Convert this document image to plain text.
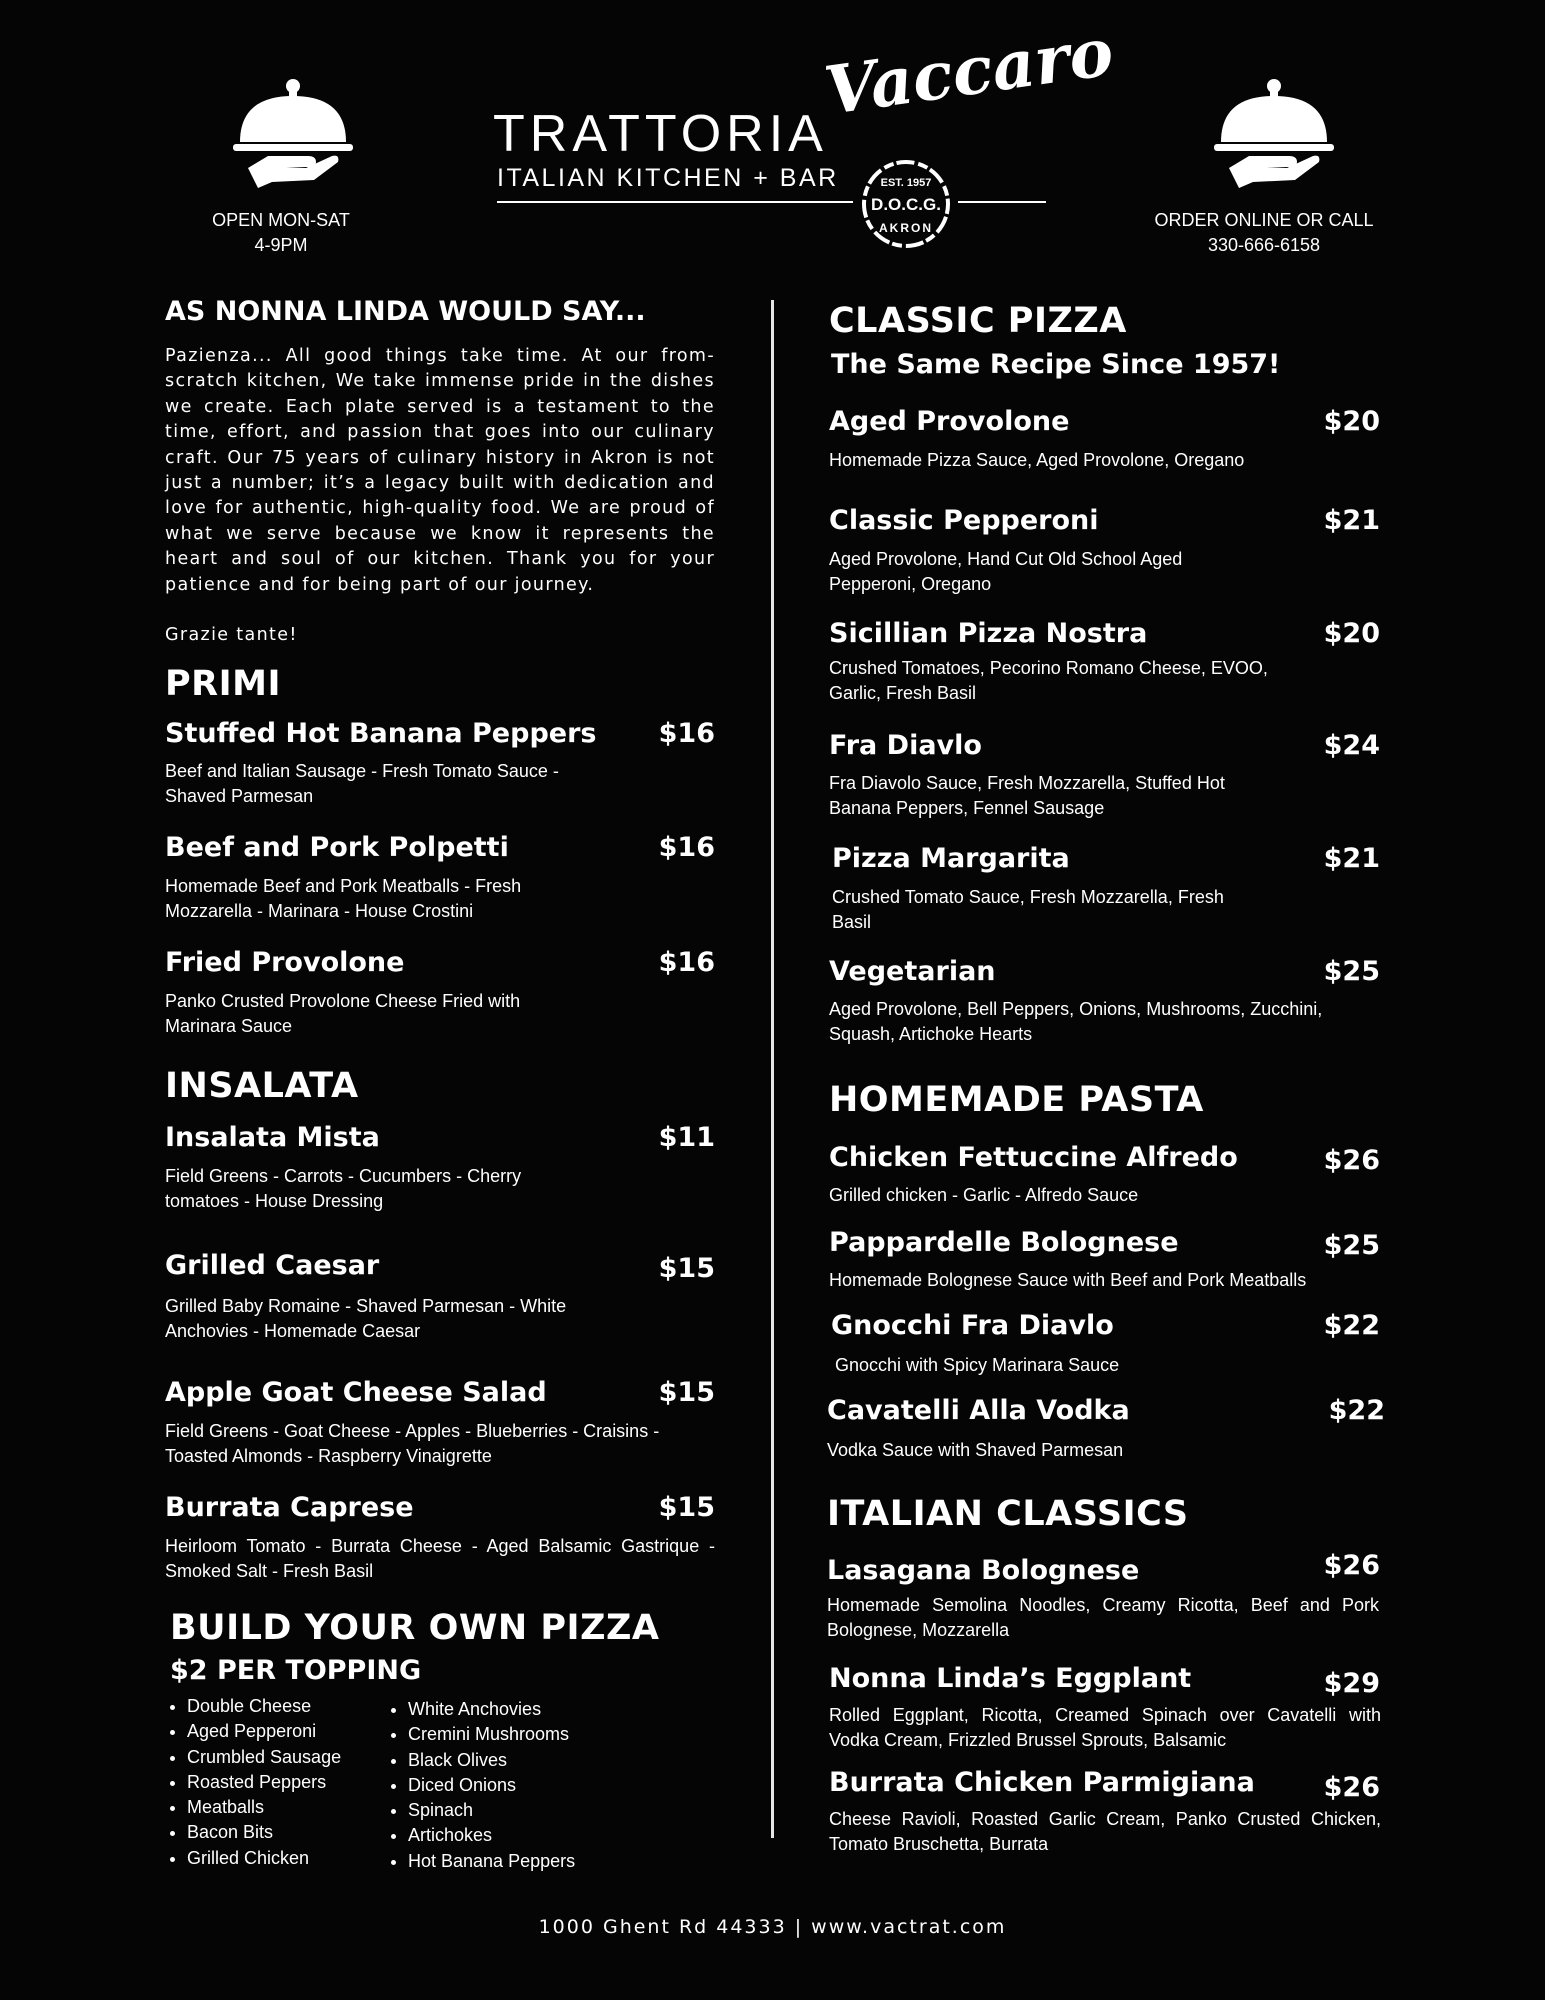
OPEN MON-SAT
4-9PM
ORDER ONLINE OR CALL
330-666-6158
TRATTORIA
Vaccaro
ITALIAN KITCHEN + BAR	EST. 1957
D.O.C.G.
AKRON
AS NONNA LINDA WOULD SAY...
Pazienza... All good things take time. At our from-scratch kitchen, We take immense pride in the dishes we create. Each plate served is a testament to the time, effort, and passion that goes into our culinary craft. Our 75 years of culinary history in Akron is not just a number; it’s a legacy built with dedication and love for authentic, high-quality food. We are proud of what we serve because we know it represents the heart and soul of our kitchen. Thank you for your patience and for being part of our journey.
Grazie tante!
PRIMI
Stuffed Hot Banana Peppers	$16
Beef and Italian Sausage - Fresh Tomato Sauce - Shaved Parmesan
Beef and Pork Polpetti	$16
Homemade Beef and Pork Meatballs - Fresh Mozzarella - Marinara - House Crostini
Fried Provolone	$16
Panko Crusted Provolone Cheese Fried with Marinara Sauce
INSALATA
Insalata Mista	$11
Field Greens - Carrots - Cucumbers - Cherry tomatoes - House Dressing
Grilled Caesar	$15
Grilled Baby Romaine - Shaved Parmesan - White Anchovies - Homemade Caesar
Apple Goat Cheese Salad	$15
Field Greens - Goat Cheese - Apples - Blueberries - Craisins - Toasted Almonds - Raspberry Vinaigrette
Burrata Caprese	$15
Heirloom Tomato - Burrata Cheese - Aged Balsamic Gastrique - Smoked Salt - Fresh Basil
BUILD YOUR OWN PIZZA
$2 PER TOPPING
• Double Cheese
• Aged Pepperoni
• Crumbled Sausage
• Roasted Peppers
• Meatballs
• Bacon Bits
• Grilled Chicken
• White Anchovies
• Cremini Mushrooms
• Black Olives
• Diced Onions
• Spinach
• Artichokes
• Hot Banana Peppers
CLASSIC PIZZA
The Same Recipe Since 1957!
Aged Provolone	$20
Homemade Pizza Sauce, Aged Provolone, Oregano
Classic Pepperoni	$21
Aged Provolone, Hand Cut Old School Aged Pepperoni, Oregano
Sicillian Pizza Nostra	$20
Crushed Tomatoes, Pecorino Romano Cheese, EVOO, Garlic, Fresh Basil
Fra Diavlo	$24
Fra Diavolo Sauce, Fresh Mozzarella, Stuffed Hot Banana Peppers, Fennel Sausage
Pizza Margarita	$21
Crushed Tomato Sauce, Fresh Mozzarella, Fresh Basil
Vegetarian	$25
Aged Provolone, Bell Peppers, Onions, Mushrooms, Zucchini, Squash, Artichoke Hearts
HOMEMADE PASTA
Chicken Fettuccine Alfredo	$26
Grilled chicken - Garlic - Alfredo Sauce
Pappardelle Bolognese	$25
Homemade Bolognese Sauce with Beef and Pork Meatballs
Gnocchi Fra Diavlo	$22
Gnocchi with Spicy Marinara Sauce
Cavatelli Alla Vodka	$22
Vodka Sauce with Shaved Parmesan
ITALIAN CLASSICS
Lasagana Bolognese	$26
Homemade Semolina Noodles, Creamy Ricotta, Beef and Pork Bolognese, Mozzarella
Nonna Linda’s Eggplant	$29
Rolled Eggplant, Ricotta, Creamed Spinach over Cavatelli with Vodka Cream, Frizzled Brussel Sprouts, Balsamic
Burrata Chicken Parmigiana	$26
Cheese Ravioli, Roasted Garlic Cream, Panko Crusted Chicken, Tomato Bruschetta, Burrata
1000 Ghent Rd 44333 | www.vactrat.com
